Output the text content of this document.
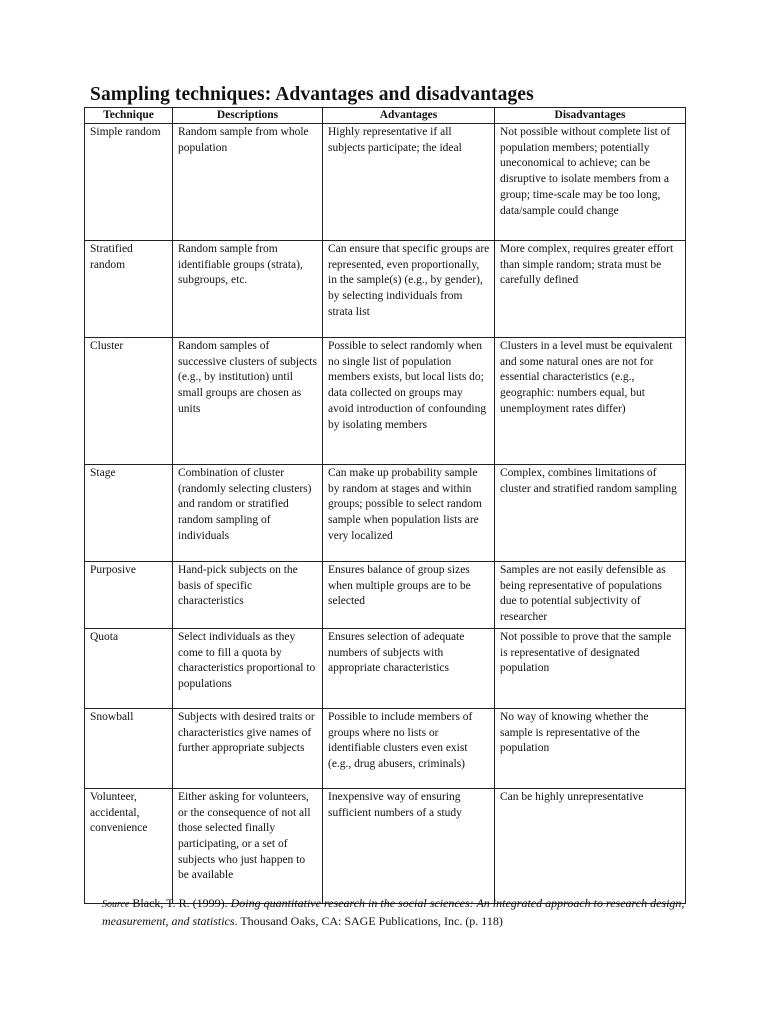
Sampling techniques: Advantages and disadvantages
Technique	Descriptions	Advantages	Disadvantages
Simple random	Random sample from whole population	Highly representative if all subjects participate; the ideal	Not possible without complete list of population members; potentially uneconomical to achieve; can be disruptive to isolate members from a group; time-scale may be too long, data/sample could change
Stratified random	Random sample from identifiable groups (strata), subgroups, etc.	Can ensure that specific groups are represented, even proportionally, in the sample(s) (e.g., by gender), by selecting individuals from strata list	More complex, requires greater effort than simple random; strata must be carefully defined
Cluster	Random samples of successive clusters of subjects (e.g., by institution) until small groups are chosen as units	Possible to select randomly when no single list of population members exists, but local lists do; data collected on groups may avoid introduction of confounding by isolating members	Clusters in a level must be equivalent and some natural ones are not for essential characteristics (e.g., geographic: numbers equal, but unemployment rates differ)
Stage	Combination of cluster (randomly selecting clusters) and random or stratified random sampling of individuals	Can make up probability sample by random at stages and within groups; possible to select random sample when population lists are very localized	Complex, combines limitations of cluster and stratified random sampling
Purposive	Hand-pick subjects on the basis of specific characteristics	Ensures balance of group sizes when multiple groups are to be selected	Samples are not easily defensible as being representative of populations due to potential subjectivity of researcher
Quota	Select individuals as they come to fill a quota by characteristics proportional to populations	Ensures selection of adequate numbers of subjects with appropriate characteristics	Not possible to prove that the sample is representative of designated population
Snowball	Subjects with desired traits or characteristics give names of further appropriate subjects	Possible to include members of groups where no lists or identifiable clusters even exist (e.g., drug abusers, criminals)	No way of knowing whether the sample is representative of the population
Volunteer, accidental, convenience	Either asking for volunteers, or the consequence of not all those selected finally participating, or a set of subjects who just happen to be available	Inexpensive way of ensuring sufficient numbers of a study	Can be highly unrepresentative
Source Black, T. R. (1999). Doing quantitative research in the social sciences: An integrated approach to research design, measurement, and statistics. Thousand Oaks, CA: SAGE Publications, Inc. (p. 118)
